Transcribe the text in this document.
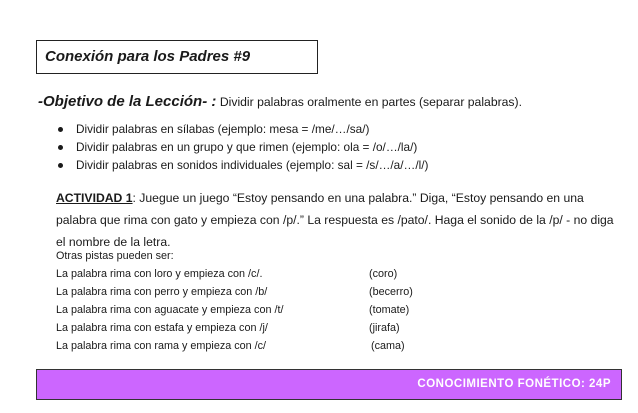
Conexión para los Padres #9
-Objetivo de la Lección- : Dividir palabras oralmente en partes (separar palabras).
Dividir palabras en sílabas (ejemplo: mesa = /me/…/sa/)
Dividir palabras en un grupo y que rimen (ejemplo: ola = /o/…/la/)
Dividir palabras en sonidos individuales (ejemplo: sal = /s/…/a/…/l/)
ACTIVIDAD 1: Juegue un juego “Estoy pensando en una palabra.” Diga, “Estoy pensando en una palabra que rima con gato y empieza con /p/.” La respuesta es /pato/. Haga el sonido de la /p/ - no diga el nombre de la letra.
Otras pistas pueden ser:
La palabra rima con loro y empieza con /c/.	(coro)
La palabra rima con perro y empieza con /b/	(becerro)
La palabra rima con aguacate y empieza con /t/	(tomate)
La palabra rima con estafa y empieza con /j/	(jirafa)
La palabra rima con rama y empieza con /c/	(cama)
CONOCIMIENTO FONÉTICO: 24P
